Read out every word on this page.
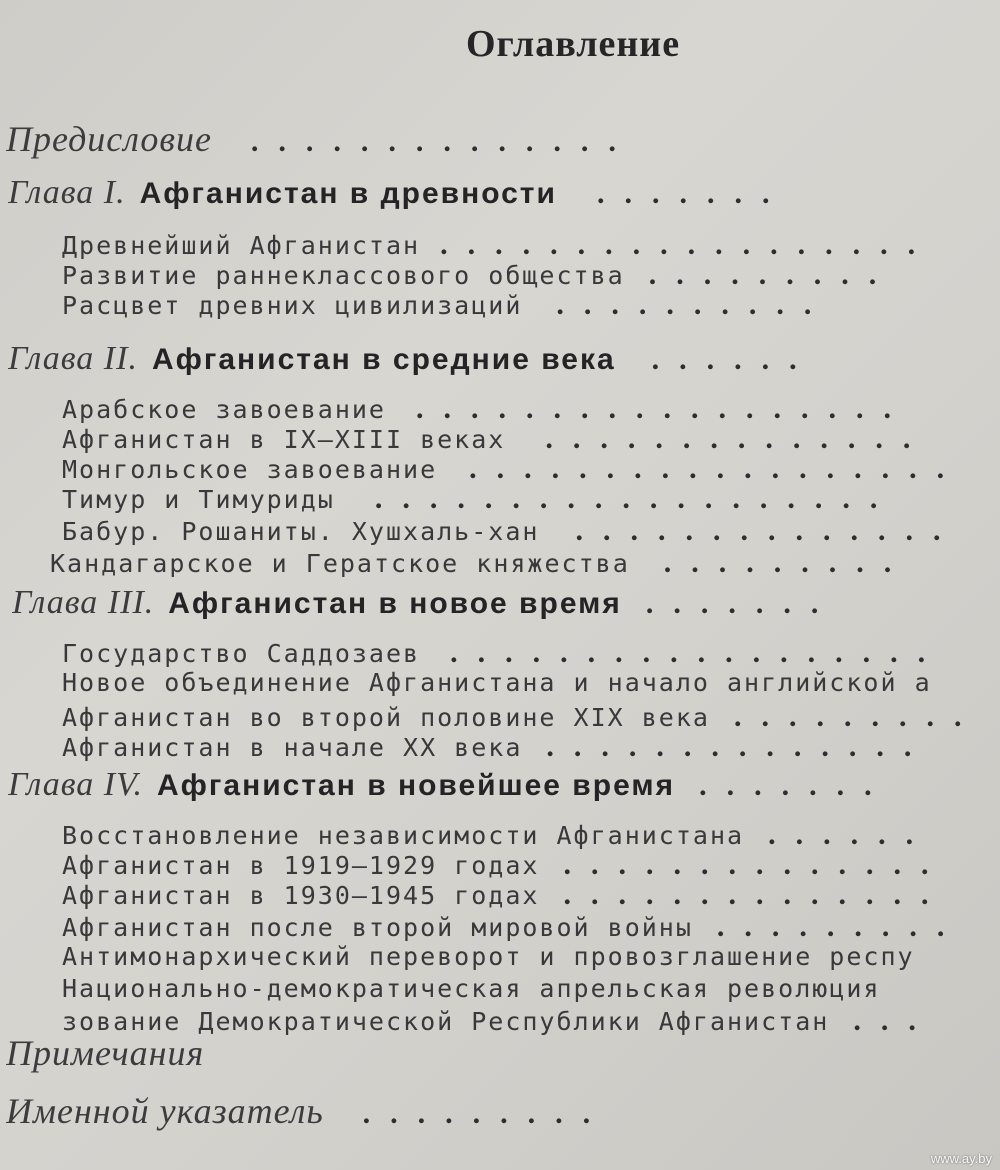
Оглавление
Предисловие ..............
Глава I. Афганистан в древности .......
Древнейший Афганистан ..................
Развитие раннеклассового общества .........
Расцвет древних цивилизаций ..........
Глава II. Афганистан в средние века ......
Арабское завоевание ..................
Афганистан в IX—XIII веках ..............
Монгольское завоевание ..................
Тимур и Тимуриды ...................
Бабур. Рошаниты. Хушхаль-хан ..............
Кандагарское и Гератское княжества .........
Глава III. Афганистан в новое время .......
Государство Саддозаев ..................
Новое объединение Афганистана и начало английской а
Афганистан во второй половине XIX века .........
Афганистан в начале XX века ..............
Глава IV. Афганистан в новейшее время .......
Восстановление независимости Афганистана ......
Афганистан в 1919—1929 годах ..............
Афганистан в 1930—1945 годах ..............
Афганистан после второй мировой войны .........
Антимонархический переворот и провозглашение респу
Национально-демократическая апрельская революция
зование Демократической Республики Афганистан ...
Примечания
Именной указатель .........
www.ay.by
